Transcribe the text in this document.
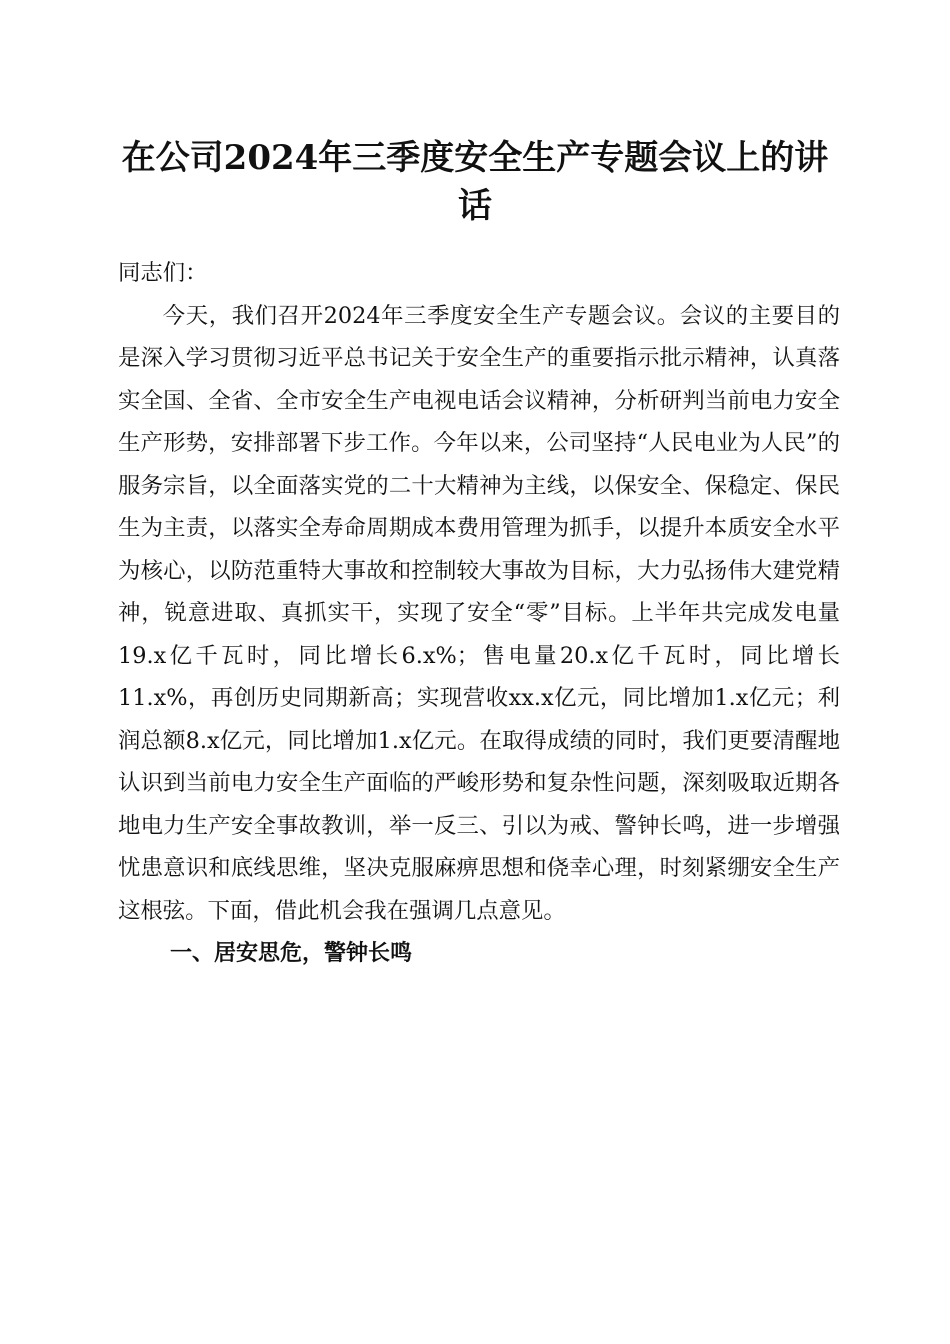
在公司2024年三季度安全生产专题会议上的讲话

同志们：

今天，我们召开2024年三季度安全生产专题会议。会议的主要目的是深入学习贯彻习近平总书记关于安全生产的重要指示批示精神，认真落实全国、全省、全市安全生产电视电话会议精神，分析研判当前电力安全生产形势，安排部署下步工作。今年以来，公司坚持“人民电业为人民”的服务宗旨，以全面落实党的二十大精神为主线，以保安全、保稳定、保民生为主责，以落实全寿命周期成本费用管理为抓手，以提升本质安全水平为核心，以防范重特大事故和控制较大事故为目标，大力弘扬伟大建党精神，锐意进取、真抓实干，实现了安全“零”目标。上半年共完成发电量19.x亿千瓦时，同比增长6.x%；售电量20.x亿千瓦时，同比增长11.x%，再创历史同期新高；实现营收xx.x亿元，同比增加1.x亿元；利润总额8.x亿元，同比增加1.x亿元。在取得成绩的同时，我们更要清醒地认识到当前电力安全生产面临的严峻形势和复杂性问题，深刻吸取近期各地电力生产安全事故教训，举一反三、引以为戒、警钟长鸣，进一步增强忧患意识和底线思维，坚决克服麻痹思想和侥幸心理，时刻紧绷安全生产这根弦。下面，借此机会我在强调几点意见。

一、居安思危，警钟长鸣
